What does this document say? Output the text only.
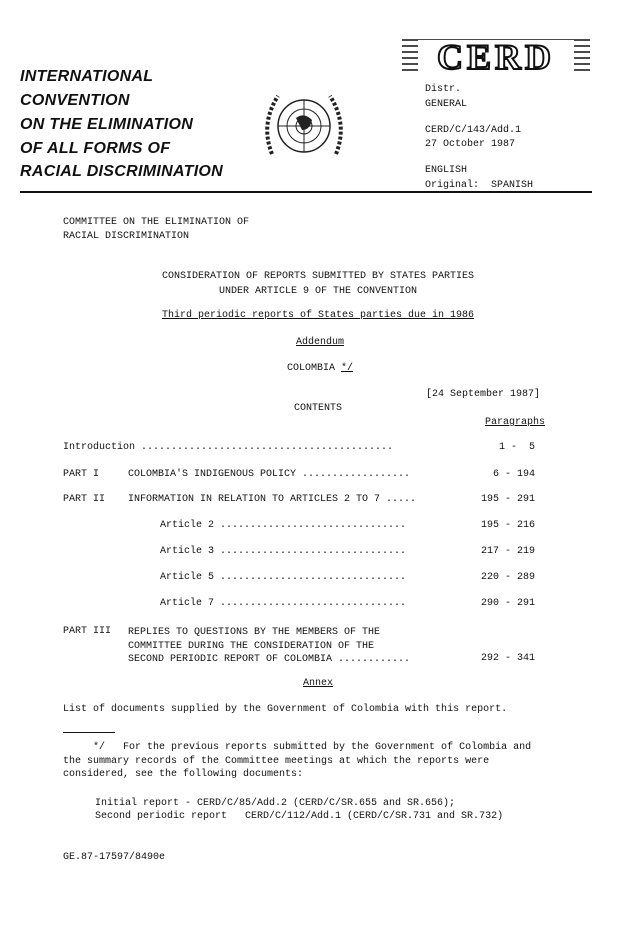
INTERNATIONAL
CONVENTION
ON THE ELIMINATION
OF ALL FORMS OF
RACIAL DISCRIMINATION
CERD
Distr.
GENERAL
CERD/C/143/Add.1
27 October 1987
ENGLISH
Original:  SPANISH
COMMITTEE ON THE ELIMINATION OF
RACIAL DISCRIMINATION
CONSIDERATION OF REPORTS SUBMITTED BY STATES PARTIES
UNDER ARTICLE 9 OF THE CONVENTION
Third periodic reports of States parties due in 1986
Addendum
COLOMBIA */
[24 September 1987]
CONTENTS
Paragraphs
Introduction ..........................................	1 -  5
PART I	COLOMBIA'S INDIGENOUS POLICY ..................	6 - 194
PART II INFORMATION IN RELATION TO ARTICLES 2 TO 7 .....	195 - 291
Article 2 ...............................	195 - 216
Article 3 ...............................	217 - 219
Article 5 ...............................	220 - 289
Article 7 ...............................	290 - 291
PART III REPLIES TO QUESTIONS BY THE MEMBERS OF THE
COMMITTEE DURING THE CONSIDERATION OF THE
SECOND PERIODIC REPORT OF COLOMBIA ............	292 - 341
Annex
List of documents supplied by the Government of Colombia with this report.
*/   For the previous reports submitted by the Government of Colombia and
the summary records of the Committee meetings at which the reports were
considered, see the following documents:
Initial report - CERD/C/85/Add.2 (CERD/C/SR.655 and SR.656);
Second periodic report   CERD/C/112/Add.1 (CERD/C/SR.731 and SR.732)
GE.87-17597/8490e
